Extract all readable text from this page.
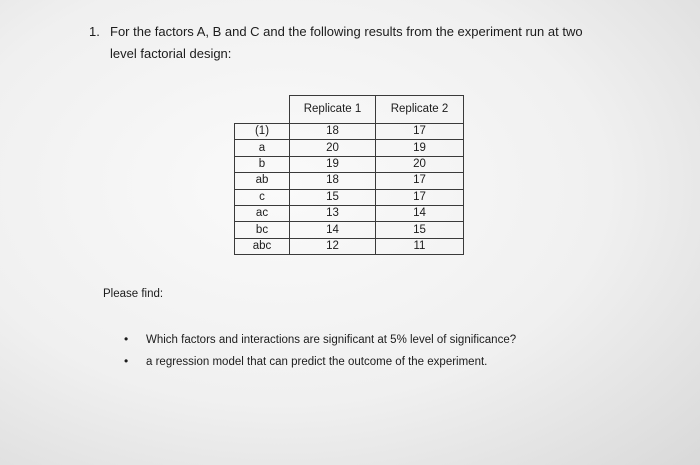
1. For the factors A, B and C and the following results from the experiment run at two
level factorial design:
	Replicate 1	Replicate 2
(1)	18	17
a	20	19
b	19	20
ab	18	17
c	15	17
ac	13	14
bc	14	15
abc	12	11
Please find:
• Which factors and interactions are significant at 5% level of significance?
• a regression model that can predict the outcome of the experiment.
